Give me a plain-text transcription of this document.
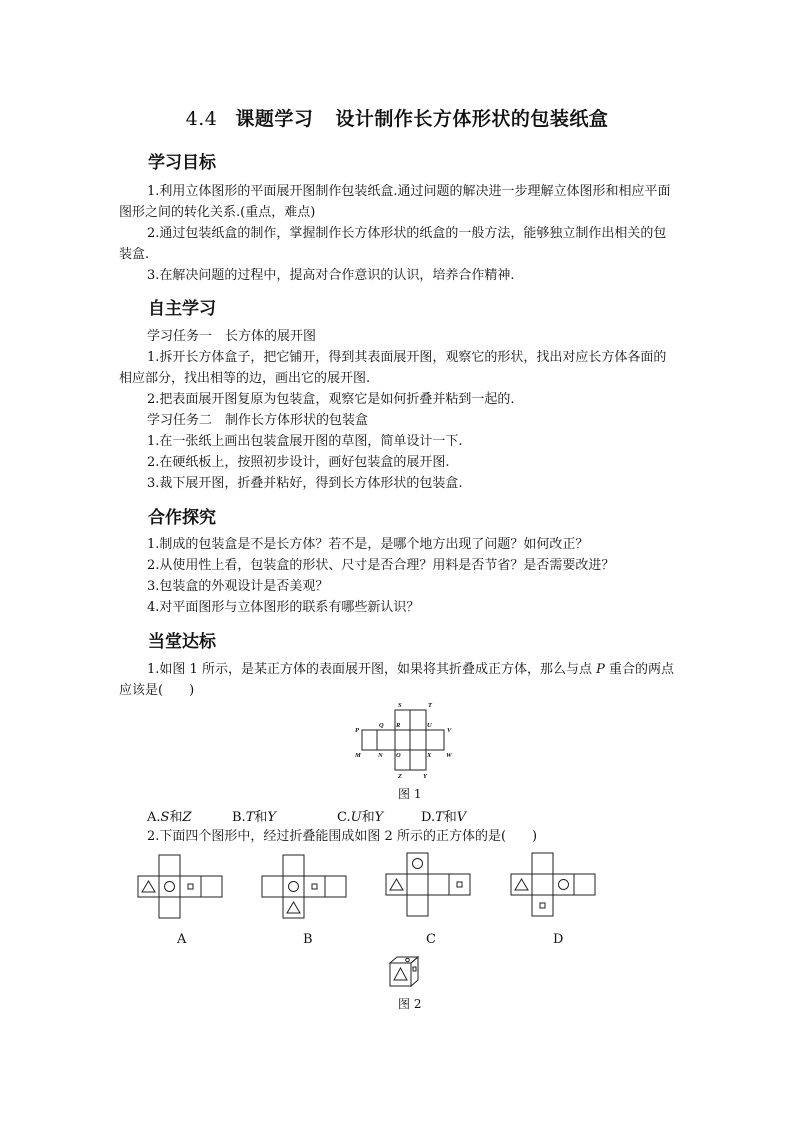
4.4 课题学习 设计制作长方体形状的包装纸盒
学习目标
1.利用立体图形的平面展开图制作包装纸盒.通过问题的解决进一步理解立体图形和相应平面图形之间的转化关系.(重点，难点)
2.通过包装纸盒的制作，掌握制作长方体形状的纸盒的一般方法，能够独立制作出相关的包装盒.
3.在解决问题的过程中，提高对合作意识的认识，培养合作精神.
自主学习
学习任务一　长方体的展开图
1.拆开长方体盒子，把它铺开，得到其表面展开图，观察它的形状，找出对应长方体各面的相应部分，找出相等的边，画出它的展开图.
2.把表面展开图复原为包装盒，观察它是如何折叠并粘到一起的.
学习任务二　制作长方体形状的包装盒
1.在一张纸上画出包装盒展开图的草图，简单设计一下.
2.在硬纸板上，按照初步设计，画好包装盒的展开图.
3.裁下展开图，折叠并粘好，得到长方体形状的包装盒.
合作探究
1.制成的包装盒是不是长方体？若不是，是哪个地方出现了问题？如何改正？
2.从使用性上看，包装盒的形状、尺寸是否合理？用料是否节省？是否需要改进？
3.包装盒的外观设计是否美观？
4.对平面图形与立体图形的联系有哪些新认识？
当堂达标
1.如图 1 所示，是某正方体的表面展开图，如果将其折叠成正方体，那么与点 P 重合的两点应该是(　　)
S	T
P
Q R	U
V
M	N O	X W
Z	Y
图 1
A.S和Z	B.T和Y	C.U和Y	D.T和V
2.下面四个图形中，经过折叠能围成如图 2 所示的正方体的是(　　)
A	B	C	D
图 2
